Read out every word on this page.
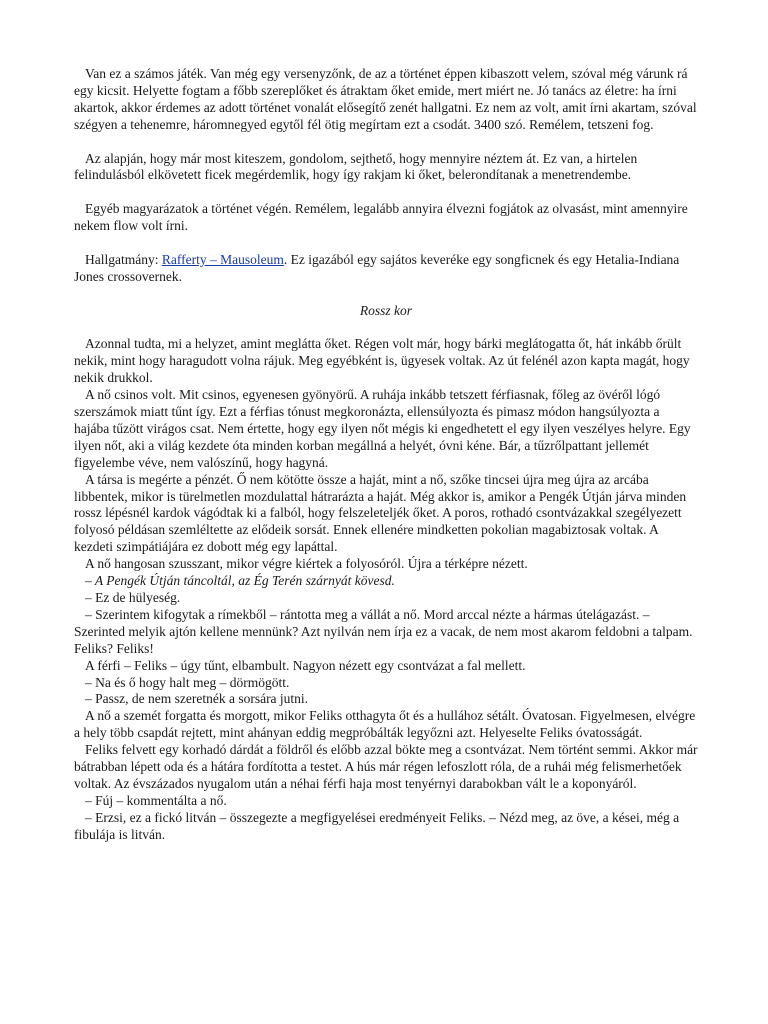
Van ez a számos játék. Van még egy versenyzőnk, de az a történet éppen kibaszott velem, szóval még várunk rá egy kicsit. Helyette fogtam a főbb szereplőket és átraktam őket emide, mert miért ne. Jó tanács az életre: ha írni akartok, akkor érdemes az adott történet vonalát elősegítő zenét hallgatni. Ez nem az volt, amit írni akartam, szóval szégyen a tehenemre, háromnegyed egytől fél ötig megírtam ezt a csodát. 3400 szó. Remélem, tetszeni fog.

Az alapján, hogy már most kiteszem, gondolom, sejthető, hogy mennyire néztem át. Ez van, a hirtelen felindulásból elkövetett ficek megérdemlik, hogy így rakjam ki őket, belerondítanak a menetrendembe.

Egyéb magyarázatok a történet végén. Remélem, legalább annyira élvezni fogjátok az olvasást, mint amennyire nekem flow volt írni.

Hallgatmány: Rafferty – Mausoleum. Ez igazából egy sajátos keveréke egy songficnek és egy Hetalia-Indiana Jones crossovernek.

Rossz kor

Azonnal tudta, mi a helyzet, amint meglátta őket. Régen volt már, hogy bárki meglátogatta őt, hát inkább őrült nekik, mint hogy haragudott volna rájuk. Meg egyébként is, ügyesek voltak. Az út felénél azon kapta magát, hogy nekik drukkol.

A nő csinos volt. Mit csinos, egyenesen gyönyörű. A ruhája inkább tetszett férfiasnak, főleg az övéről lógó szerszámok miatt tűnt így. Ezt a férfias tónust megkoronázta, ellensúlyozta és pimasz módon hangsúlyozta a hajába tűzött virágos csat. Nem értette, hogy egy ilyen nőt mégis ki engedhetett el egy ilyen veszélyes helyre. Egy ilyen nőt, aki a világ kezdete óta minden korban megállná a helyét, óvni kéne. Bár, a tűzrőlpattant jellemét figyelembe véve, nem valószínű, hogy hagyná.

A társa is megérte a pénzét. Ő nem kötötte össze a haját, mint a nő, szőke tincsei újra meg újra az arcába libbentek, mikor is türelmetlen mozdulattal hátrarázta a haját. Még akkor is, amikor a Pengék Útján járva minden rossz lépésnél kardok vágódtak ki a falból, hogy felszeleteljék őket. A poros, rothadó csontvázakkal szegélyezett folyosó példásan szemléltette az elődeik sorsát. Ennek ellenére mindketten pokolian magabiztosak voltak. A kezdeti szimpátiájára ez dobott még egy lapáttal.

A nő hangosan szusszant, mikor végre kiértek a folyosóról. Újra a térképre nézett.

– A Pengék Útján táncoltál, az Ég Terén szárnyát kövesd.

– Ez de hülyeség.

– Szerintem kifogytak a rímekből – rántotta meg a vállát a nő. Mord arccal nézte a hármas útelágazást. – Szerinted melyik ajtón kellene mennünk? Azt nyilván nem írja ez a vacak, de nem most akarom feldobni a talpam. Feliks? Feliks!

A férfi – Feliks – úgy tűnt, elbambult. Nagyon nézett egy csontvázat a fal mellett.

– Na és ő hogy halt meg – dörmögött.

– Passz, de nem szeretnék a sorsára jutni.

A nő a szemét forgatta és morgott, mikor Feliks otthagyta őt és a hullához sétált. Óvatosan. Figyelmesen, elvégre a hely több csapdát rejtett, mint ahányan eddig megpróbálták legyőzni azt. Helyeselte Feliks óvatosságát.

Feliks felvett egy korhadó dárdát a földről és előbb azzal bökte meg a csontvázat. Nem történt semmi. Akkor már bátrabban lépett oda és a hátára fordította a testet. A hús már régen lefoszlott róla, de a ruhái még felismerhetőek voltak. Az évszázados nyugalom után a néhai férfi haja most tenyérnyi darabokban vált le a koponyáról.

– Fúj – kommentálta a nő.

– Erzsi, ez a fickó litván – összegezte a megfigyelései eredményeit Feliks. – Nézd meg, az öve, a kései, még a fibulája is litván.
